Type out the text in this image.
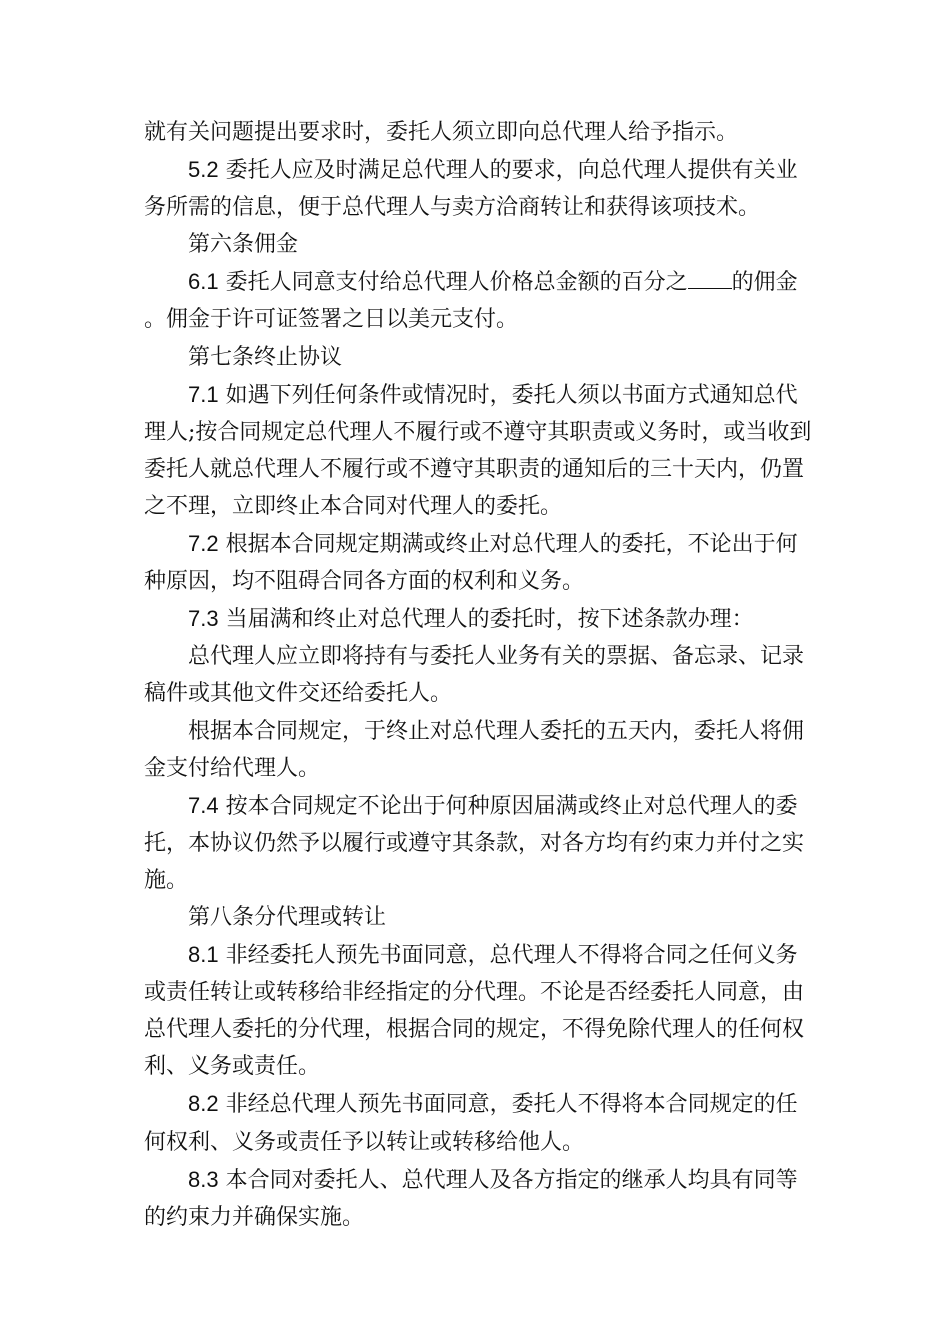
就有关问题提出要求时，委托人须立即向总代理人给予指示。

5.2 委托人应及时满足总代理人的要求，向总代理人提供有关业务所需的信息，便于总代理人与卖方洽商转让和获得该项技术。

第六条佣金

6.1 委托人同意支付给总代理人价格总金额的百分之 的佣金。佣金于许可证签署之日以美元支付。

第七条终止协议

7.1 如遇下列任何条件或情况时，委托人须以书面方式通知总代理人;按合同规定总代理人不履行或不遵守其职责或义务时，或当收到委托人就总代理人不履行或不遵守其职责的通知后的三十天内，仍置之不理，立即终止本合同对代理人的委托。

7.2 根据本合同规定期满或终止对总代理人的委托，不论出于何种原因，均不阻碍合同各方面的权利和义务。

7.3 当届满和终止对总代理人的委托时，按下述条款办理：

总代理人应立即将持有与委托人业务有关的票据、备忘录、记录稿件或其他文件交还给委托人。

根据本合同规定，于终止对总代理人委托的五天内，委托人将佣金支付给代理人。

7.4 按本合同规定不论出于何种原因届满或终止对总代理人的委托，本协议仍然予以履行或遵守其条款，对各方均有约束力并付之实施。

第八条分代理或转让

8.1 非经委托人预先书面同意，总代理人不得将合同之任何义务或责任转让或转移给非经指定的分代理。不论是否经委托人同意，由总代理人委托的分代理，根据合同的规定，不得免除代理人的任何权利、义务或责任。

8.2 非经总代理人预先书面同意，委托人不得将本合同规定的任何权利、义务或责任予以转让或转移给他人。

8.3 本合同对委托人、总代理人及各方指定的继承人均具有同等的约束力并确保实施。
